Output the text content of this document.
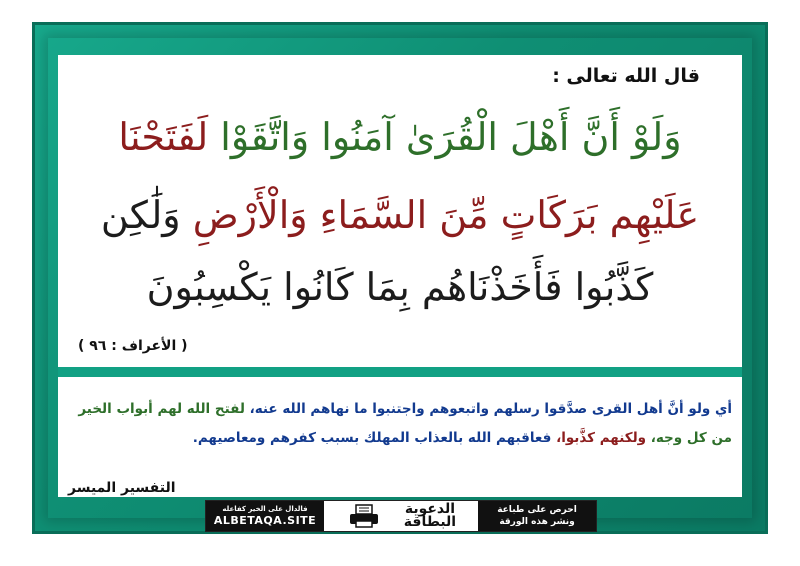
قال الله تعالى :
وَلَوْ أَنَّ أَهْلَ الْقُرَىٰ آمَنُوا وَاتَّقَوْا لَفَتَحْنَا
عَلَيْهِم بَرَكَاتٍ مِّنَ السَّمَاءِ وَالْأَرْضِ وَلَٰكِن
كَذَّبُوا فَأَخَذْنَاهُم بِمَا كَانُوا يَكْسِبُونَ
( الأعراف : ٩٦ )
أي ولو أنَّ أهل القرى صدَّقوا رسلهم واتبعوهم واجتنبوا ما نهاهم الله عنه، لفتح الله لهم أبواب الخير من كل وجه، ولكنهم كذَّبوا، فعاقبهم الله بالعذاب المهلك بسبب كفرهم ومعاصيهم.
التفسير الميسر
فالدال على الخير كفاعله
ALBETAQA.SITE
الدعوية
البطاقة
احرص على طباعة
ونشر هذه الورقة
